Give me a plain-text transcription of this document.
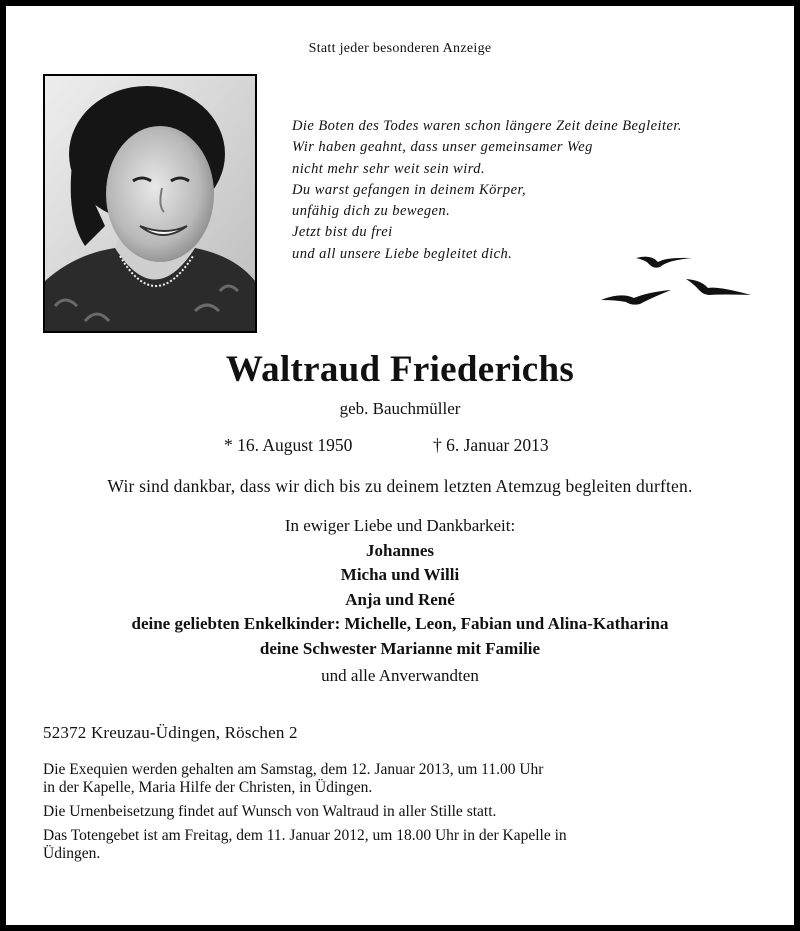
Statt jeder besonderen Anzeige
Die Boten des Todes waren schon längere Zeit deine Begleiter.
Wir haben geahnt, dass unser gemeinsamer Weg
nicht mehr sehr weit sein wird.
Du warst gefangen in deinem Körper,
unfähig dich zu bewegen.
Jetzt bist du frei
und all unsere Liebe begleitet dich.
Waltraud Friederichs
geb. Bauchmüller
* 16. August 1950	† 6. Januar 2013
Wir sind dankbar, dass wir dich bis zu deinem letzten Atemzug begleiten durften.
In ewiger Liebe und Dankbarkeit:
Johannes
Micha und Willi
Anja und René
deine geliebten Enkelkinder: Michelle, Leon, Fabian und Alina-Katharina
deine Schwester Marianne mit Familie
und alle Anverwandten
52372 Kreuzau-Üdingen, Röschen 2

Die Exequien werden gehalten am Samstag, dem 12. Januar 2013, um 11.00 Uhr
in der Kapelle, Maria Hilfe der Christen, in Üdingen.

Die Urnenbeisetzung findet auf Wunsch von Waltraud in aller Stille statt.

Das Totengebet ist am Freitag, dem 11. Januar 2012, um 18.00 Uhr in der Kapelle in
Üdingen.
